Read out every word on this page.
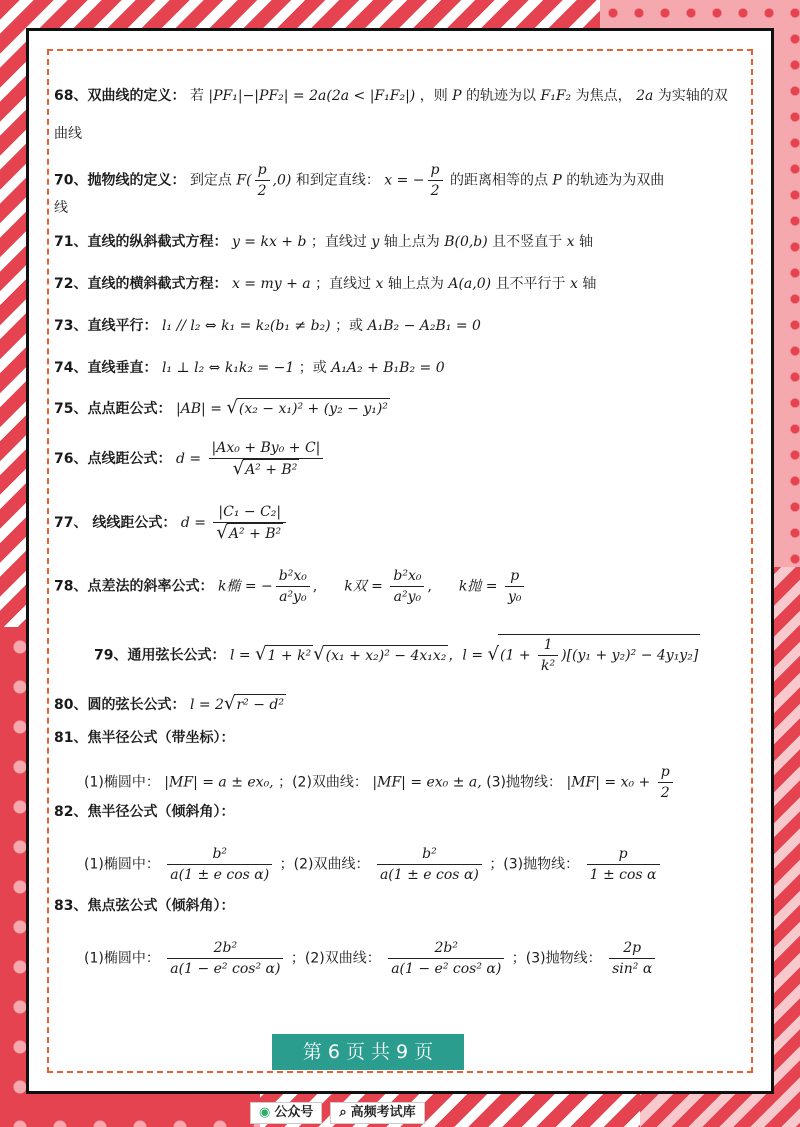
68、双曲线的定义： 若 |PF₁|−|PF₂| = 2a(2a < |F₁F₂|) ，则 P 的轨迹为以 F₁F₂ 为焦点， 2a 为实轴的双
曲线
70、抛物线的定义： 到定点 $F( \frac{p}{2} ,0)$ 和到定直线： x = − $\frac{p}{2}$ 的距离相等的点 P 的轨迹为为双曲
线
71、直线的纵斜截式方程： y = kx + b ；直线过 y 轴上点为 B(0,b) 且不竖直于 x 轴
72、直线的横斜截式方程： x = my + a ；直线过 x 轴上点为 A(a,0) 且不平行于 x 轴
73、直线平行： l₁ // l₂ ⇔ k₁ = k₂(b₁ ≠ b₂) ；或 A₁B₂ − A₂B₁ = 0
74、直线垂直： l₁ ⊥ l₂ ⇔ k₁k₂ = −1 ；或 A₁A₂ + B₁B₂ = 0
75、点点距公式： |AB| = √(x₂ − x₁)² + (y₂ − y₁)²
76、点线距公式： $d = \frac{\text{|Ax₀ + By₀ + C|}}{\text{√A² + B²}}$
77、 线线距公式： $d = \frac{\text{|C₁ − C₂|}}{\text{√A² + B²}}$
78、点差法的斜率公式： k椭 = − $\frac{\text{b²x₀}}{\text{a²y₀}}$ ,  k双 = $\frac{\text{b²x₀}}{\text{a²y₀}}$ ,  k抛 = $\frac{p}{\text{y₀}}$
79、通用弦长公式： l = √1 + k² √(x₁ + x₂)² − 4x₁x₂ ，$l = √(1 + \frac{1}{\text{k²}} )[(y_1 + y_2)^2 - 4y_1y_2]$
80、圆的弦长公式： l = 2√r² − d²
81、焦半径公式（带坐标）：
(1)椭圆中： |MF| = a ± ex₀, ；(2)双曲线： |MF| = ex₀ ± a, (3)抛物线： $|MF| = x_0 + \frac{p}{2}$
82、焦半径公式（倾斜角）：
(1)椭圆中： $\frac{\text{b²}}{\text{a(1 ± e cos α)}}$ ；(2)双曲线： $\frac{\text{b²}}{\text{a(1 ± e cos α)}}$ ；(3)抛物线： $\frac{p}{\text{1 ± cos α}}$
83、焦点弦公式（倾斜角）：
(1)椭圆中： $\frac{\text{2b²}}{\text{a(1 − e² cos² α)}}$ ；(2)双曲线： $\frac{\text{2b²}}{\text{a(1 − e² cos² α)}}$ ；(3)抛物线： $\frac{2p}{\text{sin² α}}$
第 6 页 共 9 页
◉ 公众号 ⌕ 高频考试库
